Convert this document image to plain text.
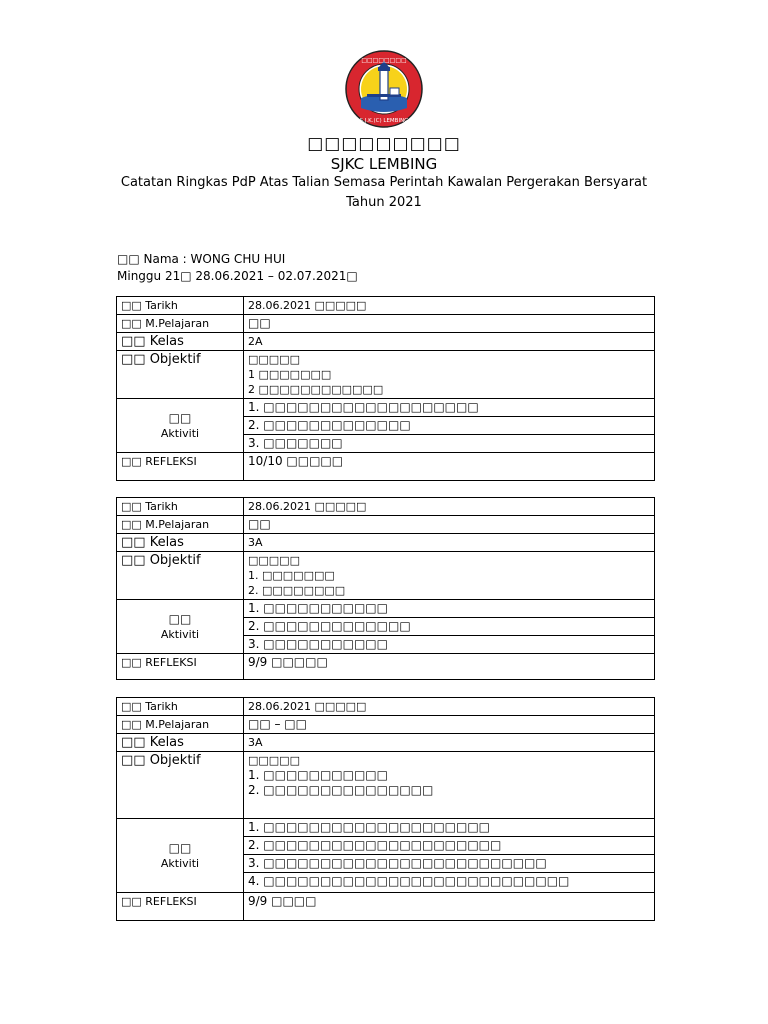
□□□□□□□□
S.J.K.(C) LEMBING
□□□□□□□□□
SJKC LEMBING
Catatan Ringkas PdP Atas Talian Semasa Perintah Kawalan Pergerakan Bersyarat
Tahun 2021
□□ Nama : WONG CHU HUI
Minggu 21□ 28.06.2021 – 02.07.2021□
□□ Tarikh	28.06.2021 □□□□□
□□ M.Pelajaran	□□
□□ Kelas	2A
□□ Objektif	□□□□□
1 □□□□□□□
2 □□□□□□□□□□□□

□□
Aktiviti	1. □□□□□□□□□□□□□□□□□□□
	2. □□□□□□□□□□□□□
	3. □□□□□□□
□□ REFLEKSI	10/10 □□□□□
□□ Tarikh	28.06.2021 □□□□□
□□ M.Pelajaran	□□
□□ Kelas	3A
□□ Objektif	□□□□□
1. □□□□□□□
2. □□□□□□□□

□□
Aktiviti	1. □□□□□□□□□□□
	2. □□□□□□□□□□□□□
	3. □□□□□□□□□□□
□□ REFLEKSI	9/9 □□□□□
□□ Tarikh	28.06.2021 □□□□□
□□ M.Pelajaran	□□ – □□
□□ Kelas	3A
□□ Objektif	□□□□□
1. □□□□□□□□□□□
2. □□□□□□□□□□□□□□□

□□
Aktiviti	1. □□□□□□□□□□□□□□□□□□□□
	2. □□□□□□□□□□□□□□□□□□□□□
	3. □□□□□□□□□□□□□□□□□□□□□□□□□
	4. □□□□□□□□□□□□□□□□□□□□□□□□□□□
□□ REFLEKSI	9/9 □□□□
